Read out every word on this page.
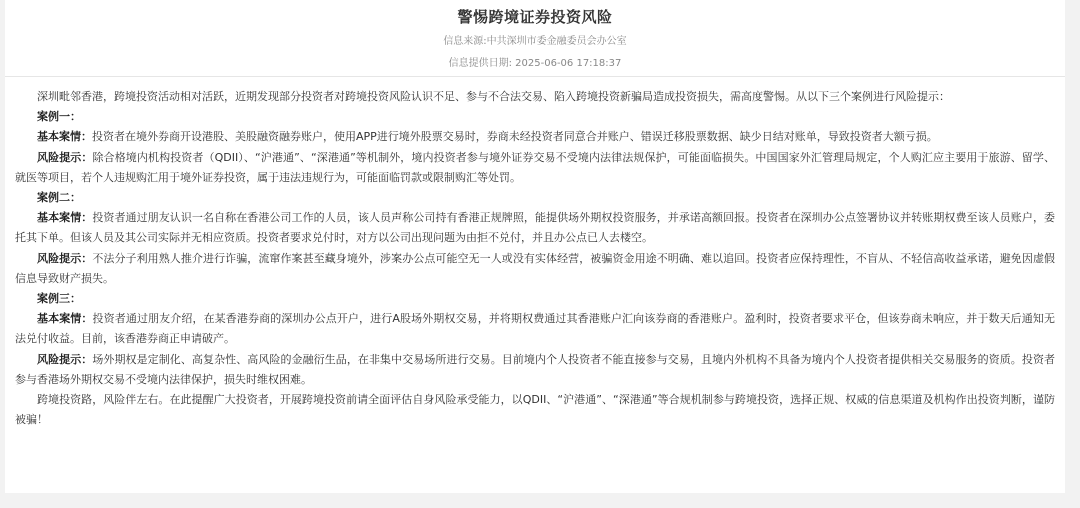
警惕跨境证券投资风险
信息来源:中共深圳市委金融委员会办公室
信息提供日期: 2025-06-06 17:18:37

深圳毗邻香港，跨境投资活动相对活跃，近期发现部分投资者对跨境投资风险认识不足、参与不合法交易、陷入跨境投资新骗局造成投资损失，需高度警惕。从以下三个案例进行风险提示：

案例一：

基本案情：投资者在境外券商开设港股、美股融资融券账户，使用APP进行境外股票交易时，券商未经投资者同意合并账户、错误迁移股票数据、缺少日结对账单，导致投资者大额亏损。

风险提示：除合格境内机构投资者（QDII）、“沪港通”、“深港通”等机制外，境内投资者参与境外证券交易不受境内法律法规保护，可能面临损失。中国国家外汇管理局规定，个人购汇应主要用于旅游、留学、就医等项目，若个人违规购汇用于境外证券投资，属于违法违规行为，可能面临罚款或限制购汇等处罚。

案例二：

基本案情：投资者通过朋友认识一名自称在香港公司工作的人员，该人员声称公司持有香港正规牌照，能提供场外期权投资服务，并承诺高额回报。投资者在深圳办公点签署协议并转账期权费至该人员账户，委托其下单。但该人员及其公司实际并无相应资质。投资者要求兑付时，对方以公司出现问题为由拒不兑付，并且办公点已人去楼空。

风险提示：不法分子利用熟人推介进行诈骗，流窜作案甚至藏身境外，涉案办公点可能空无一人或没有实体经营，被骗资金用途不明确、难以追回。投资者应保持理性，不盲从、不轻信高收益承诺，避免因虚假信息导致财产损失。

案例三：

基本案情：投资者通过朋友介绍，在某香港券商的深圳办公点开户，进行A股场外期权交易，并将期权费通过其香港账户汇向该券商的香港账户。盈利时，投资者要求平仓，但该券商未响应，并于数天后通知无法兑付收益。目前，该香港券商正申请破产。

风险提示：场外期权是定制化、高复杂性、高风险的金融衍生品，在非集中交易场所进行交易。目前境内个人投资者不能直接参与交易，且境内外机构不具备为境内个人投资者提供相关交易服务的资质。投资者参与香港场外期权交易不受境内法律保护，损失时维权困难。

跨境投资路，风险伴左右。在此提醒广大投资者，开展跨境投资前请全面评估自身风险承受能力，以QDII、“沪港通”、“深港通”等合规机制参与跨境投资，选择正规、权威的信息渠道及机构作出投资判断，谨防被骗！
